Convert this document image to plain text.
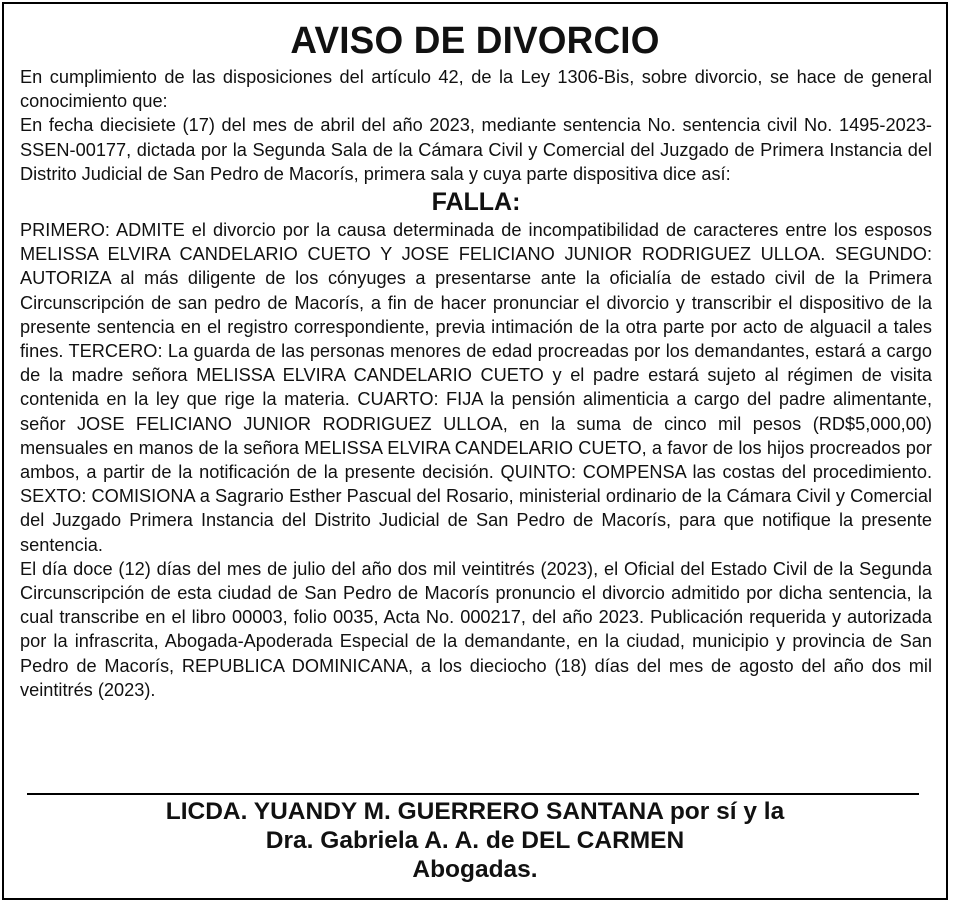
AVISO DE DIVORCIO

En cumplimiento de las disposiciones del artículo 42, de la Ley 1306-Bis, sobre divorcio, se hace de general conocimiento que:

En fecha diecisiete (17) del mes de abril del año 2023, mediante sentencia No. sentencia civil No. 1495-2023-SSEN-00177, dictada por la Segunda Sala de la Cámara Civil y Comercial del Juzgado de Primera Instancia del Distrito Judicial de San Pedro de Macorís, primera sala y cuya parte dispositiva dice así:

FALLA:

PRIMERO: ADMITE el divorcio por la causa determinada de incompatibilidad de caracteres entre los esposos MELISSA ELVIRA CANDELARIO CUETO Y JOSE FELICIANO JUNIOR RODRIGUEZ ULLOA. SEGUNDO: AUTORIZA al más diligente de los cónyuges a presentarse ante la oficialía de estado civil de la Primera Circunscripción de san pedro de Macorís, a fin de hacer pronunciar el divorcio y transcribir el dispositivo de la presente sentencia en el registro correspondiente, previa intimación de la otra parte por acto de alguacil a tales fines. TERCERO: La guarda de las personas menores de edad procreadas por los demandantes, estará a cargo de la madre señora MELISSA ELVIRA CANDELARIO CUETO y el padre estará sujeto al régimen de visita contenida en la ley que rige la materia. CUARTO: FIJA la pensión alimenticia a cargo del padre alimentante, señor JOSE FELICIANO JUNIOR RODRIGUEZ ULLOA, en la suma de cinco mil pesos (RD$5,000,00) mensuales en manos de la señora MELISSA ELVIRA CANDELARIO CUETO, a favor de los hijos procreados por ambos, a partir de la notificación de la presente decisión. QUINTO: COMPENSA las costas del procedimiento. SEXTO: COMISIONA a Sagrario Esther Pascual del Rosario, ministerial ordinario de la Cámara Civil y Comercial del Juzgado Primera Instancia del Distrito Judicial de San Pedro de Macorís, para que notifique la presente sentencia.

El día doce (12) días del mes de julio del año dos mil veintitrés (2023), el Oficial del Estado Civil de la Segunda Circunscripción de esta ciudad de San Pedro de Macorís pronuncio el divorcio admitido por dicha sentencia, la cual transcribe en el libro 00003, folio 0035, Acta No. 000217, del año 2023. Publicación requerida y autorizada por la infrascrita, Abogada-Apoderada Especial de la demandante, en la ciudad, municipio y provincia de San Pedro de Macorís, REPUBLICA DOMINICANA, a los dieciocho (18) días del mes de agosto del año dos mil veintitrés (2023).

LICDA. YUANDY M. GUERRERO SANTANA por sí y la
Dra. Gabriela A. A. de DEL CARMEN
Abogadas.
